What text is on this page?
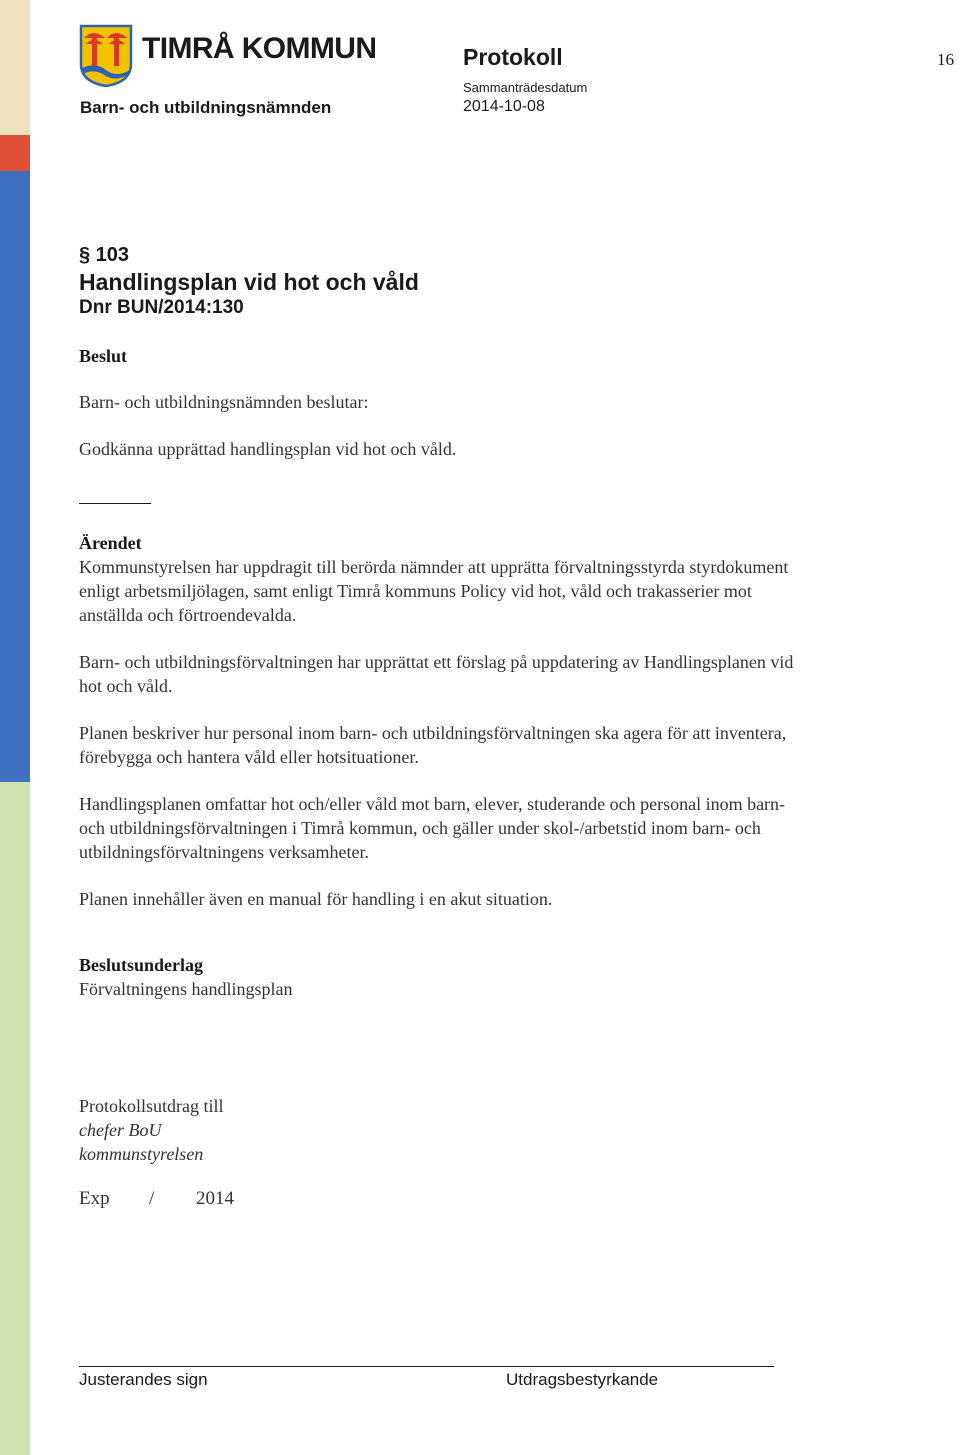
TIMRÅ KOMMUN
Barn- och utbildningsnämnden
Protokoll
Sammanträdesdatum
2014-10-08
16
§ 103
Handlingsplan vid hot och våld
Dnr BUN/2014:130

Beslut

Barn- och utbildningsnämnden beslutar:

Godkänna upprättad handlingsplan vid hot och våld.

Ärendet

Kommunstyrelsen har uppdragit till berörda nämnder att upprätta förvaltningsstyrda styrdokument enligt arbetsmiljölagen, samt enligt Timrå kommuns Policy vid hot, våld och trakasserier mot anställda och förtroendevalda.

Barn- och utbildningsförvaltningen har upprättat ett förslag på uppdatering av Handlingsplanen vid hot och våld.

Planen beskriver hur personal inom barn- och utbildningsförvaltningen ska agera för att inventera, förebygga och hantera våld eller hotsituationer.

Handlingsplanen omfattar hot och/eller våld mot barn, elever, studerande och personal inom barn- och utbildningsförvaltningen i Timrå kommun, och gäller under skol-/arbetstid inom barn- och utbildningsförvaltningens verksamheter.

Planen innehåller även en manual för handling i en akut situation.

Beslutsunderlag

Förvaltningens handlingsplan

Protokollsutdrag till

chefer BoU

kommunstyrelsen

Exp / 2014
Justerandes sign	Utdragsbestyrkande
